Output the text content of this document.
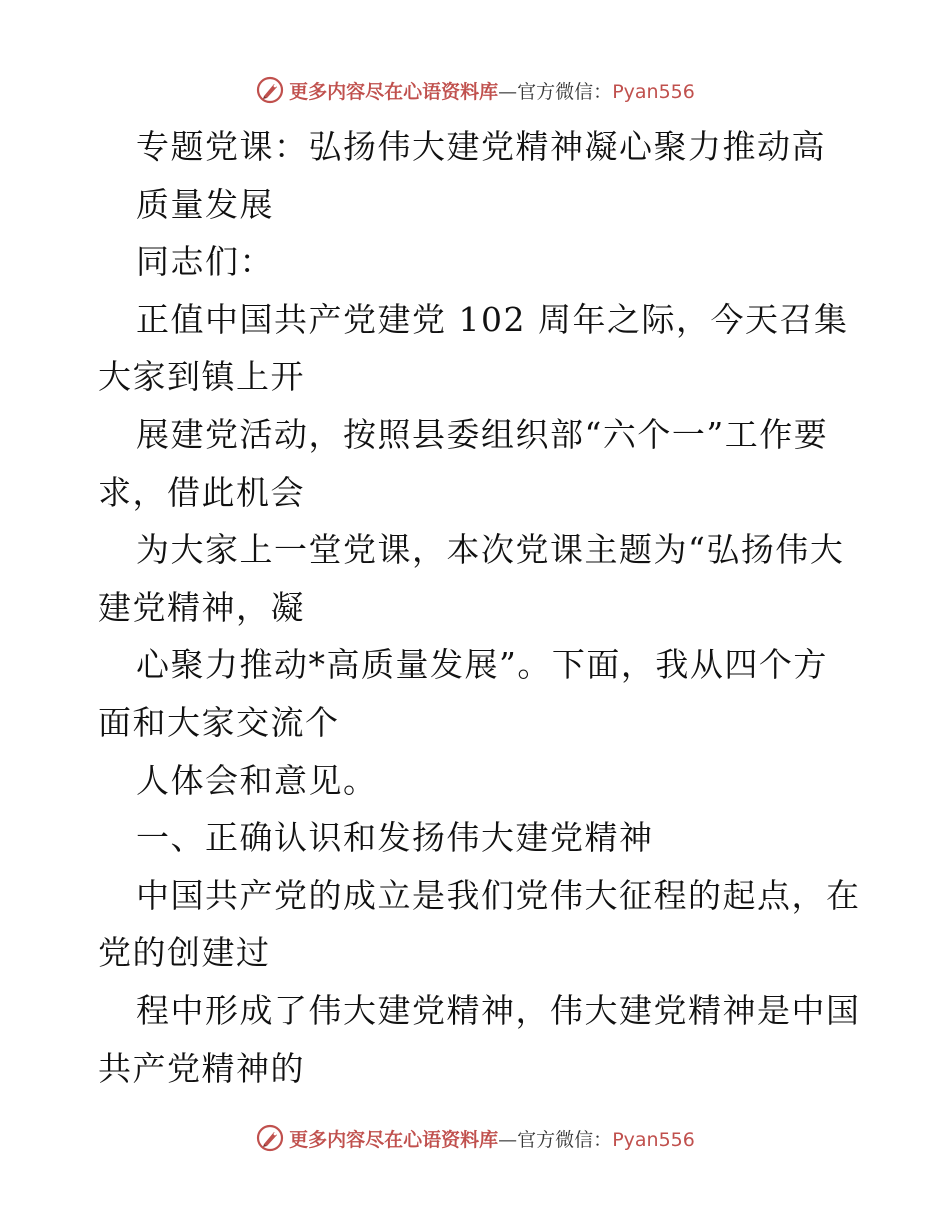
更多内容尽在心语资料库—官方微信：Pyan556
专题党课：弘扬伟大建党精神凝心聚力推动高
质量发展
同志们：
正值中国共产党建党 102 周年之际，今天召集
大家到镇上开
展建党活动，按照县委组织部“六个一”工作要
求，借此机会
为大家上一堂党课，本次党课主题为“弘扬伟大
建党精神，凝
心聚力推动*高质量发展”。下面，我从四个方
面和大家交流个
人体会和意见。
一、正确认识和发扬伟大建党精神
中国共产党的成立是我们党伟大征程的起点，在
党的创建过
程中形成了伟大建党精神，伟大建党精神是中国
共产党精神的
更多内容尽在心语资料库—官方微信：Pyan556
